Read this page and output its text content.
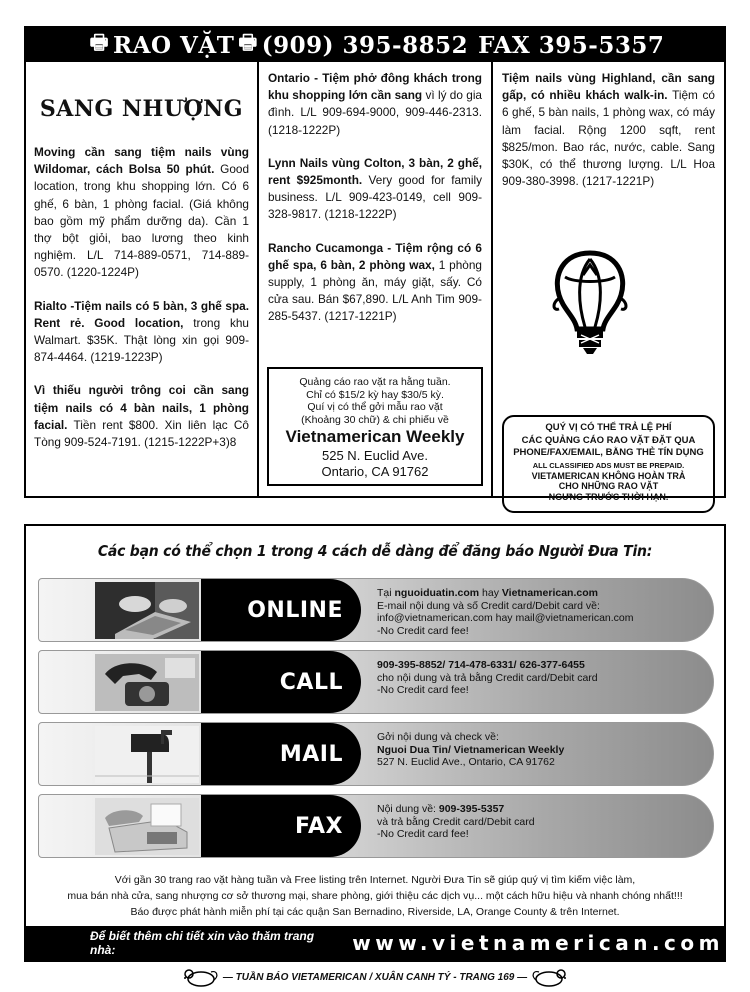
🖶 RAO VẶT 🖶 (909) 395-8852 FAX 395-5357
SANG NHƯỢNG

Moving cần sang tiệm nails vùng Wildomar, cách Bolsa 50 phút. Good location, trong khu shopping lớn. Có 6 ghế, 6 bàn, 1 phòng facial. (Giá không bao gồm mỹ phẩm dưỡng da). Cần 1 thợ bột giỏi, bao lương theo kinh nghiệm. L/L 714-889-0571, 714-889-0570. (1220-1224P)

Rialto -Tiệm nails có 5 bàn, 3 ghế spa. Rent rẻ. Good location, trong khu Walmart. $35K. Thật lòng xin gọi 909-874-4464. (1219-1223P)

Vì thiếu người trông coi cần sang tiệm nails có 4 bàn nails, 1 phòng facial. Tiền rent $800. Xin liên lạc Cô Tòng 909-524-7191. (1215-1222P+3)8

Ontario - Tiệm phở đông khách trong khu shopping lớn cần sang vì lý do gia đình. L/L 909-694-9000, 909-446-2313. (1218-1222P)

Lynn Nails vùng Colton, 3 bàn, 2 ghế, rent $925month. Very good for family business. L/L 909-423-0149, cell 909-328-9817. (1218-1222P)

Rancho Cucamonga - Tiệm rộng có 6 ghế spa, 6 bàn, 2 phòng wax, 1 phòng supply, 1 phòng ăn, máy giặt, sấy. Có cửa sau. Bán $67,890. L/L Anh Tim 909-285-5437. (1217-1221P)

Quảng cáo rao vặt ra hằng tuần.
Chỉ có $15/2 kỳ hay $30/5 kỳ.
Quí vị có thể gởi mẫu rao vặt
(Khoảng 30 chữ) & chi phiếu về
Vietnamerican Weekly
525 N. Euclid Ave.
Ontario, CA 91762

Tiệm nails vùng Highland, cần sang gấp, có nhiều khách walk-in. Tiệm có 6 ghế, 5 bàn nails, 1 phòng wax, có máy làm facial. Rộng 1200 sqft, rent $825/mon. Bao rác, nước, cable. Sang $30K, có thể thương lượng. L/L Hoa 909-380-3998. (1217-1221P)

QUÝ VỊ CÓ THỂ TRẢ LỆ PHÍ
CÁC QUẢNG CÁO RAO VẶT ĐẶT QUA
PHONE/FAX/EMAIL, BẰNG THẺ TÍN DỤNG
ALL CLASSIFIED ADS MUST BE PREPAID.
VIETAMERICAN KHÔNG HOÀN TRẢ
CHO NHỮNG RAO VẶT
NGƯNG TRƯỚC THỜI HẠN.
Các bạn có thể chọn 1 trong 4 cách dễ dàng để đăng báo Người Đưa Tin:
ONLINE
Tại nguoiduatin.com hay Vietnamerican.com
E-mail nội dung và số Credit card/Debit card về:
info@vietnamerican.com hay mail@vietnamerican.com
-No Credit card fee!
CALL
909-395-8852/ 714-478-6331/ 626-377-6455
cho nội dung và trả bằng Credit card/Debit card
-No Credit card fee!
MAIL
Gởi nội dung và check về:
Nguoi Dua Tin/ Vietnamerican Weekly
527 N. Euclid Ave., Ontario, CA 91762
FAX
Nội dung về: 909-395-5357
và trả bằng Credit card/Debit card
-No Credit card fee!
Với gần 30 trang rao vặt hàng tuần và Free listing trên Internet. Người Đưa Tin sẽ giúp quý vị tìm kiếm việc làm,
mua bán nhà cửa, sang nhượng cơ sở thương mại, share phòng, giới thiệu các dịch vụ... một cách hữu hiệu và nhanh chóng nhất!!!
Báo được phát hành miễn phí tại các quận San Bernadino, Riverside, LA, Orange County & trên Internet.
Để biết thêm chi tiết xin vào thăm trang nhà:	www.vietnamerican.com
— TUẦN BÁO VIETAMERICAN / XUÂN CANH TÝ - TRANG 169 —
